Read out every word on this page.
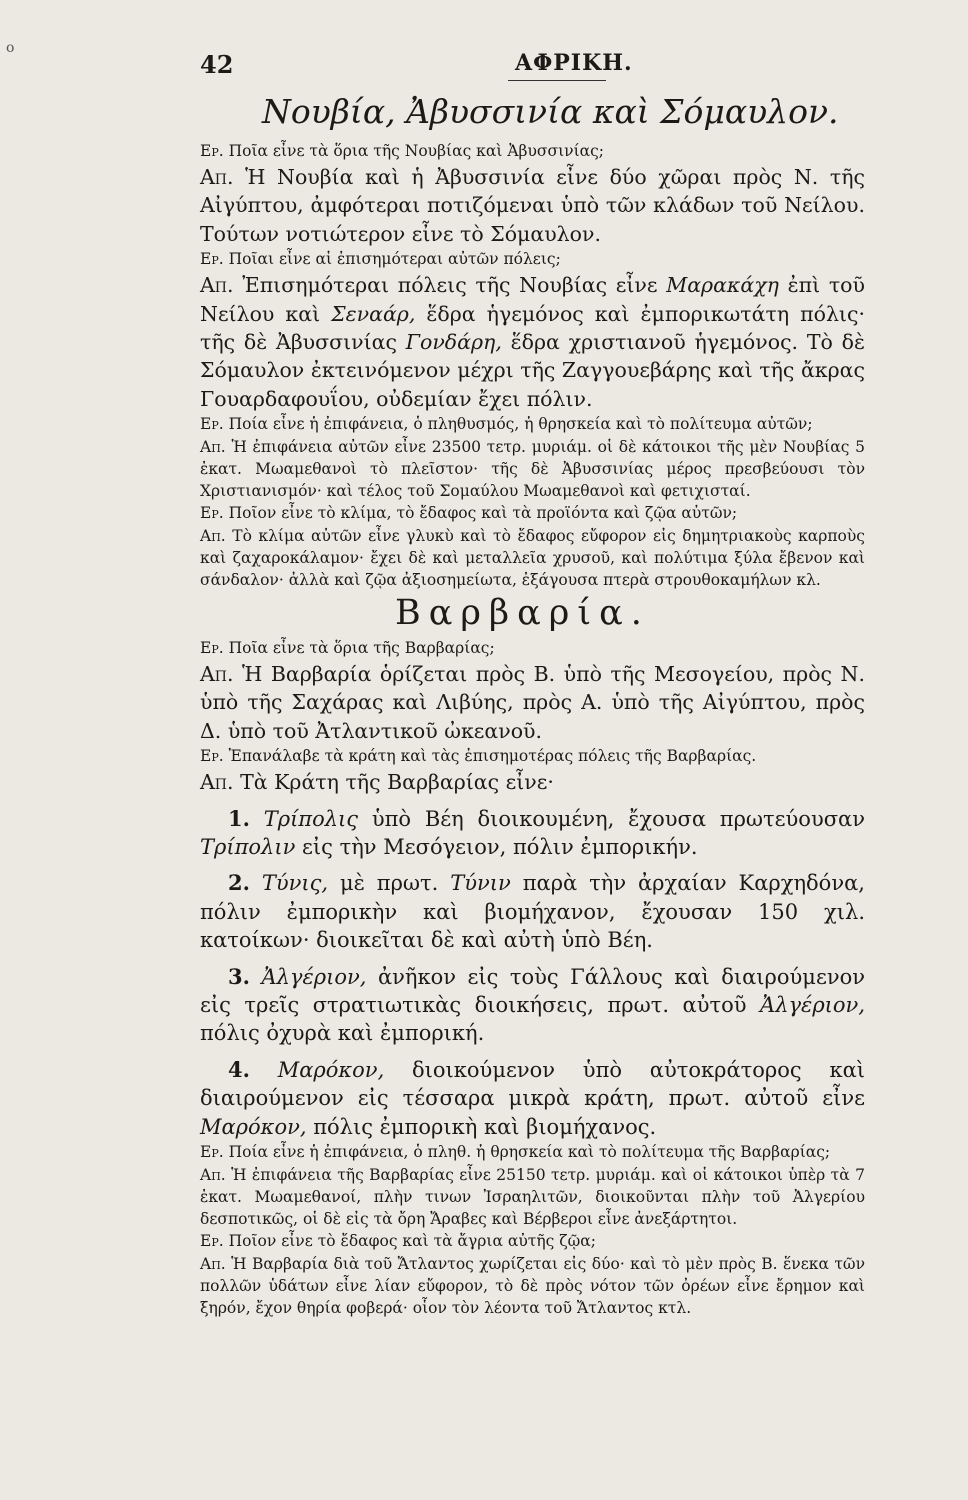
o
42	ΑΦΡΙΚΗ.
Νουβία, Ἀβυσσινία καὶ Σόμαυλον.

Ερ. Ποῖα εἶνε τὰ ὅρια τῆς Νουβίας καὶ Ἀβυσσινίας;

Απ. Ἡ Νουβία καὶ ἡ Ἀβυσσινία εἶνε δύο χῶραι πρὸς Ν. τῆς Αἰγύπτου, ἀμφότεραι ποτιζόμεναι ὑπὸ τῶν κλάδων τοῦ Νείλου. Τούτων νοτιώτερον εἶνε τὸ Σόμαυλον.

Ερ. Ποῖαι εἶνε αἱ ἐπισημότεραι αὐτῶν πόλεις;

Απ. Ἐπισημότεραι πόλεις τῆς Νουβίας εἶνε Μαρακάχη ἐπὶ τοῦ Νείλου καὶ Σεναάρ, ἕδρα ἡγεμόνος καὶ ἐμπορικωτάτη πόλις· τῆς δὲ Ἀβυσσινίας Γονδάρη, ἕδρα χριστιανοῦ ἡγεμόνος. Τὸ δὲ Σόμαυλον ἐκτεινόμενον μέχρι τῆς Ζαγγουεβάρης καὶ τῆς ἄκρας Γουαρδαφουΐου, οὐδεμίαν ἔχει πόλιν.

Ερ. Ποία εἶνε ἡ ἐπιφάνεια, ὁ πληθυσμός, ἡ θρησκεία καὶ τὸ πολίτευμα αὐτῶν;

Απ. Ἡ ἐπιφάνεια αὐτῶν εἶνε 23500 τετρ. μυριάμ. οἱ δὲ κάτοικοι τῆς μὲν Νουβίας 5 ἑκατ. Μωαμεθανοὶ τὸ πλεῖστον· τῆς δὲ Ἀβυσσινίας μέρος πρεσβεύουσι τὸν Χριστιανισμόν· καὶ τέλος τοῦ Σομαύλου Μωαμεθανοὶ καὶ φετιχισταί.

Ερ. Ποῖον εἶνε τὸ κλίμα, τὸ ἔδαφος καὶ τὰ προϊόντα καὶ ζῷα αὐτῶν;

Απ. Τὸ κλίμα αὐτῶν εἶνε γλυκὺ καὶ τὸ ἔδαφος εὔφορον εἰς δημητριακοὺς καρποὺς καὶ ζαχαροκάλαμον· ἔχει δὲ καὶ μεταλλεῖα χρυσοῦ, καὶ πολύτιμα ξύλα ἔβενον καὶ σάνδαλον· ἀλλὰ καὶ ζῷα ἀξιοσημείωτα, ἐξάγουσα πτερὰ στρουθοκαμήλων κλ.

Βαρβαρία.

Ερ. Ποῖα εἶνε τὰ ὅρια τῆς Βαρβαρίας;

Απ. Ἡ Βαρβαρία ὁρίζεται πρὸς Β. ὑπὸ τῆς Μεσογείου, πρὸς Ν. ὑπὸ τῆς Σαχάρας καὶ Λιβύης, πρὸς Α. ὑπὸ τῆς Αἰγύπτου, πρὸς Δ. ὑπὸ τοῦ Ἀτλαντικοῦ ὠκεανοῦ.

Ερ. Ἐπανάλαβε τὰ κράτη καὶ τὰς ἐπισημοτέρας πόλεις τῆς Βαρβαρίας.

Απ. Τὰ Κράτη τῆς Βαρβαρίας εἶνε·

1. Τρίπολις ὑπὸ Βέη διοικουμένη, ἔχουσα πρωτεύουσαν Τρίπολιν εἰς τὴν Μεσόγειον, πόλιν ἐμπορικήν.

2. Τύνις, μὲ πρωτ. Τύνιν παρὰ τὴν ἀρχαίαν Καρχηδόνα, πόλιν ἐμπορικὴν καὶ βιομήχανον, ἔχουσαν 150 χιλ. κατοίκων· διοικεῖται δὲ καὶ αὐτὴ ὑπὸ Βέη.

3. Ἀλγέριον, ἀνῆκον εἰς τοὺς Γάλλους καὶ διαιρούμενον εἰς τρεῖς στρατιωτικὰς διοικήσεις, πρωτ. αὐτοῦ Ἀλγέριον, πόλις ὀχυρὰ καὶ ἐμπορική.

4. Μαρόκον, διοικούμενον ὑπὸ αὐτοκράτορος καὶ διαιρούμενον εἰς τέσσαρα μικρὰ κράτη, πρωτ. αὐτοῦ εἶνε Μαρόκον, πόλις ἐμπορικὴ καὶ βιομήχανος.

Ερ. Ποία εἶνε ἡ ἐπιφάνεια, ὁ πληθ. ἡ θρησκεία καὶ τὸ πολίτευμα τῆς Βαρβαρίας;

Απ. Ἡ ἐπιφάνεια τῆς Βαρβαρίας εἶνε 25150 τετρ. μυριάμ. καὶ οἱ κάτοικοι ὑπὲρ τὰ 7 ἑκατ. Μωαμεθανοί, πλὴν τινων Ἰσραηλιτῶν, διοικοῦνται πλὴν τοῦ Ἀλγερίου δεσποτικῶς, οἱ δὲ εἰς τὰ ὄρη Ἄραβες καὶ Βέρβεροι εἶνε ἀνεξάρτητοι.

Ερ. Ποῖον εἶνε τὸ ἔδαφος καὶ τὰ ἄγρια αὐτῆς ζῷα;

Απ. Ἡ Βαρβαρία διὰ τοῦ Ἄτλαντος χωρίζεται εἰς δύο· καὶ τὸ μὲν πρὸς Β. ἕνεκα τῶν πολλῶν ὑδάτων εἶνε λίαν εὔφορον, τὸ δὲ πρὸς νότον τῶν ὀρέων εἶνε ἔρημον καὶ ξηρόν, ἔχον θηρία φοβερά· οἷον τὸν λέοντα τοῦ Ἄτλαντος κτλ.
